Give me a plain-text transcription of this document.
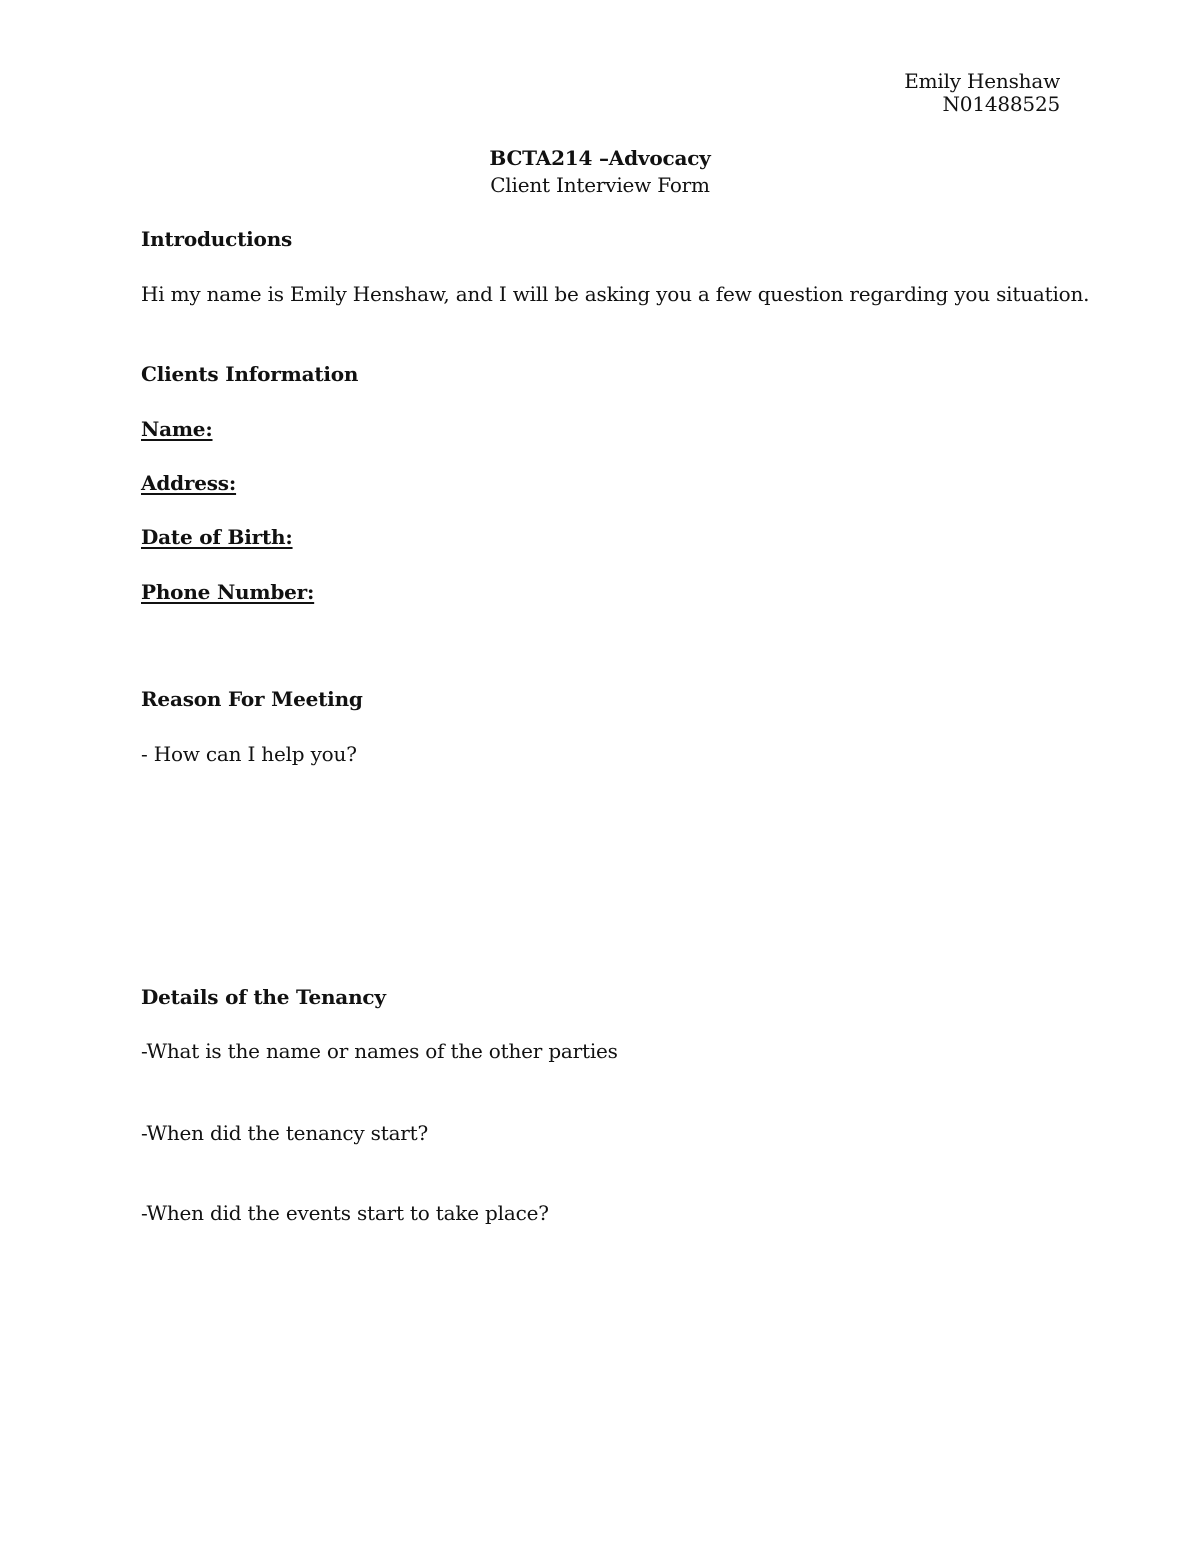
Emily Henshaw

N01488525

BCTA214 –Advocacy

Client Interview Form

Introductions

Hi my name is Emily Henshaw, and I will be asking you a few question regarding you situation.

Clients Information

Name:

Address:

Date of Birth:

Phone Number:

Reason For Meeting

- How can I help you?

Details of the Tenancy

-What is the name or names of the other parties

-When did the tenancy start?

-When did the events start to take place?
